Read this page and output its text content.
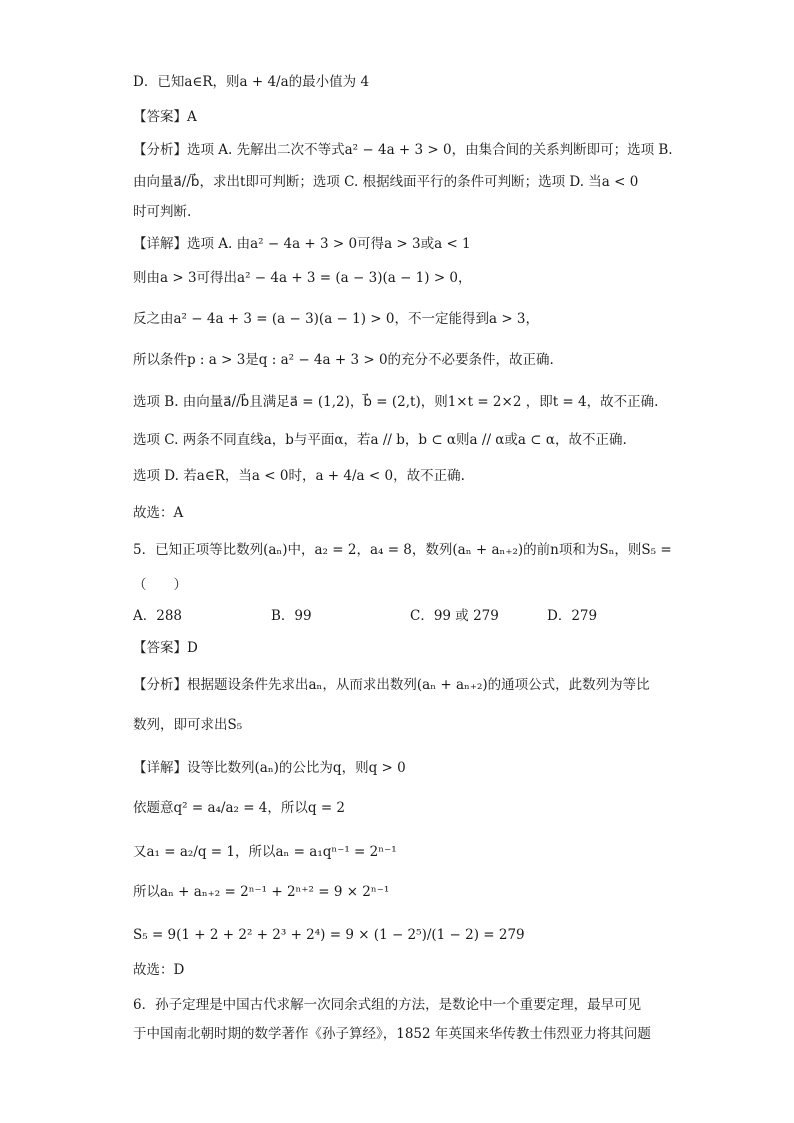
D．已知a∈R，则a + 4/a的最小值为 4
【答案】A
【分析】选项 A. 先解出二次不等式a² − 4a + 3 > 0，由集合间的关系判断即可；选项 B.
由向量a⃗//b⃗，求出t即可判断；选项 C. 根据线面平行的条件可判断；选项 D. 当a < 0
时可判断.
【详解】选项 A. 由a² − 4a + 3 > 0可得a > 3或a < 1
则由a > 3可得出a² − 4a + 3 = (a − 3)(a − 1) > 0，
反之由a² − 4a + 3 = (a − 3)(a − 1) > 0，不一定能得到a > 3，
所以条件p : a > 3是q : a² − 4a + 3 > 0的充分不必要条件，故正确.
选项 B. 由向量a⃗//b⃗且满足a⃗ = (1,2)，b⃗ = (2,t)，则1×t = 2×2 ，即t = 4，故不正确.
选项 C. 两条不同直线a，b与平面α，若a // b，b ⊂ α则a // α或a ⊂ α，故不正确.
选项 D. 若a∈R，当a < 0时，a + 4/a < 0，故不正确.
故选：A
5．已知正项等比数列(aₙ)中，a₂ = 2，a₄ = 8，数列(aₙ + aₙ₊₂)的前n项和为Sₙ，则S₅ =
（　　）
A．288	B．99	C．99 或 279	D．279
【答案】D
【分析】根据题设条件先求出aₙ，从而求出数列(aₙ + aₙ₊₂)的通项公式，此数列为等比
数列，即可求出S₅
【详解】设等比数列(aₙ)的公比为q，则q > 0
依题意q² = a₄/a₂ = 4，所以q = 2
又a₁ = a₂/q = 1，所以aₙ = a₁qⁿ⁻¹ = 2ⁿ⁻¹
所以aₙ + aₙ₊₂ = 2ⁿ⁻¹ + 2ⁿ⁺² = 9 × 2ⁿ⁻¹
S₅ = 9(1 + 2 + 2² + 2³ + 2⁴) = 9 × (1 − 2⁵)/(1 − 2) = 279
故选：D
6．孙子定理是中国古代求解一次同余式组的方法，是数论中一个重要定理，最早可见
于中国南北朝时期的数学著作《孙子算经》，1852 年英国来华传教士伟烈亚力将其问题
